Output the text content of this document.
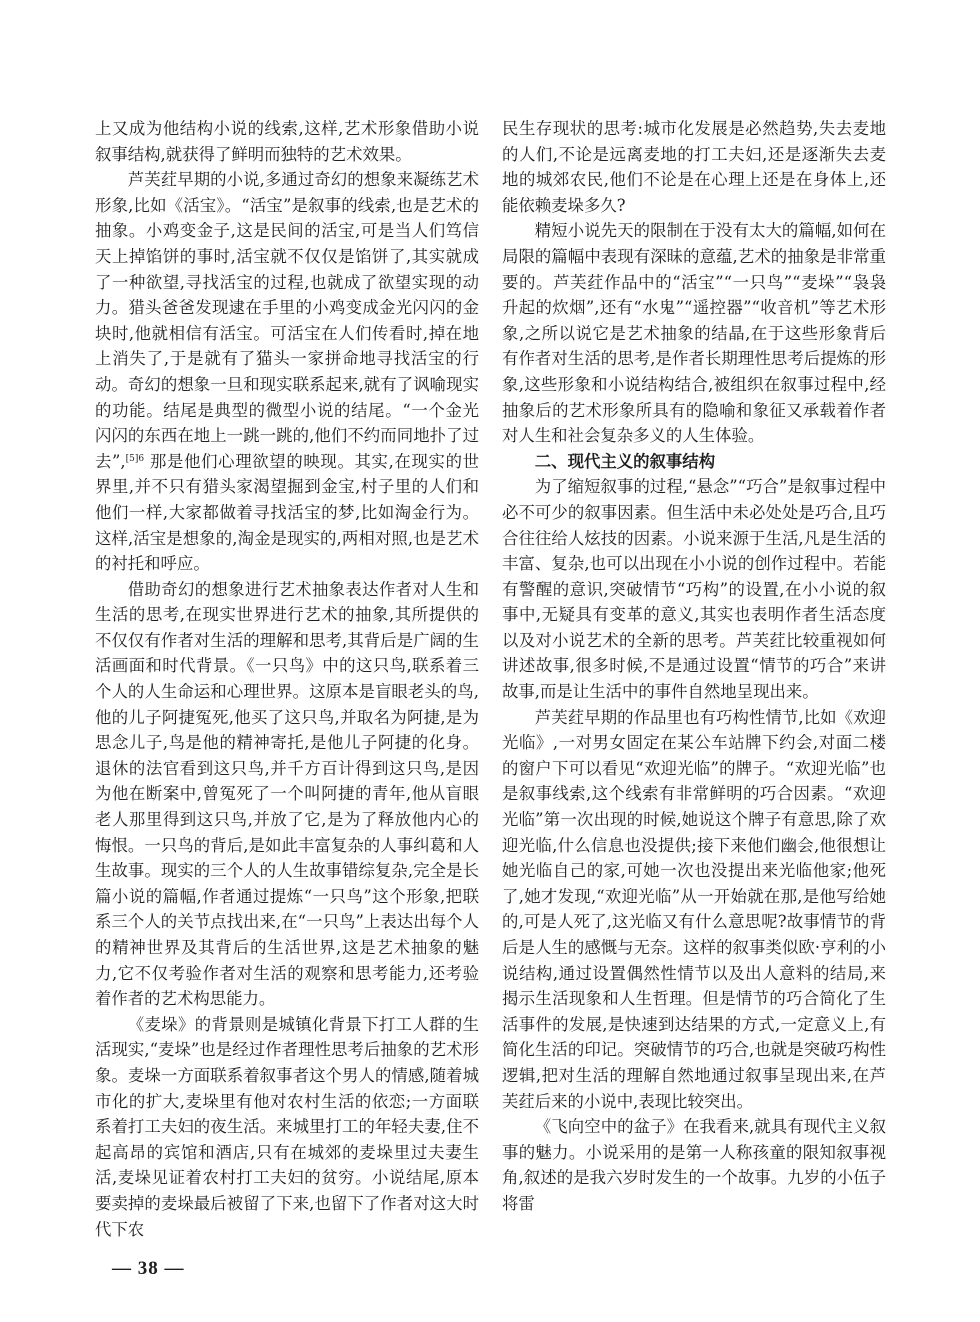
上又成为他结构小说的线索,这样,艺术形象借助小说叙事结构,就获得了鲜明而独特的艺术效果。

芦芙荭早期的小说,多通过奇幻的想象来凝练艺术形象,比如《活宝》。“活宝”是叙事的线索,也是艺术的抽象。小鸡变金子,这是民间的活宝,可是当人们笃信天上掉馅饼的事时,活宝就不仅仅是馅饼了,其实就成了一种欲望,寻找活宝的过程,也就成了欲望实现的动力。猎头爸爸发现逮在手里的小鸡变成金光闪闪的金块时,他就相信有活宝。可活宝在人们传看时,掉在地上消失了,于是就有了猫头一家拼命地寻找活宝的行动。奇幻的想象一旦和现实联系起来,就有了讽喻现实的功能。结尾是典型的微型小说的结尾。“一个金光闪闪的东西在地上一跳一跳的,他们不约而同地扑了过去”,$^{[5]6}$ 那是他们心理欲望的映现。其实,在现实的世界里,并不只有猎头家渴望掘到金宝,村子里的人们和他们一样,大家都做着寻找活宝的梦,比如淘金行为。这样,活宝是想象的,淘金是现实的,两相对照,也是艺术的衬托和呼应。

借助奇幻的想象进行艺术抽象表达作者对人生和生活的思考,在现实世界进行艺术的抽象,其所提供的不仅仅有作者对生活的理解和思考,其背后是广阔的生活画面和时代背景。《一只鸟》中的这只鸟,联系着三个人的人生命运和心理世界。这原本是盲眼老头的鸟,他的儿子阿捷冤死,他买了这只鸟,并取名为阿捷,是为思念儿子,鸟是他的精神寄托,是他儿子阿捷的化身。退休的法官看到这只鸟,并千方百计得到这只鸟,是因为他在断案中,曾冤死了一个叫阿捷的青年,他从盲眼老人那里得到这只鸟,并放了它,是为了释放他内心的悔恨。一只鸟的背后,是如此丰富复杂的人事纠葛和人生故事。现实的三个人的人生故事错综复杂,完全是长篇小说的篇幅,作者通过提炼“一只鸟”这个形象,把联系三个人的关节点找出来,在“一只鸟”上表达出每个人的精神世界及其背后的生活世界,这是艺术抽象的魅力,它不仅考验作者对生活的观察和思考能力,还考验着作者的艺术构思能力。

《麦垛》的背景则是城镇化背景下打工人群的生活现实,“麦垛”也是经过作者理性思考后抽象的艺术形象。麦垛一方面联系着叙事者这个男人的情感,随着城市化的扩大,麦垛里有他对农村生活的依恋;一方面联系着打工夫妇的夜生活。来城里打工的年轻夫妻,住不起高昂的宾馆和酒店,只有在城郊的麦垛里过夫妻生活,麦垛见证着农村打工夫妇的贫穷。小说结尾,原本要卖掉的麦垛最后被留了下来,也留下了作者对这大时代下农

民生存现状的思考:城市化发展是必然趋势,失去麦地的人们,不论是远离麦地的打工夫妇,还是逐渐失去麦地的城郊农民,他们不论是在心理上还是在身体上,还能依赖麦垛多久?

精短小说先天的限制在于没有太大的篇幅,如何在局限的篇幅中表现有深昧的意蕴,艺术的抽象是非常重要的。芦芙荭作品中的“活宝”“一只鸟”“麦垛”“袅袅升起的炊烟”,还有“水鬼”“遥控器”“收音机”等艺术形象,之所以说它是艺术抽象的结晶,在于这些形象背后有作者对生活的思考,是作者长期理性思考后提炼的形象,这些形象和小说结构结合,被组织在叙事过程中,经抽象后的艺术形象所具有的隐喻和象征又承载着作者对人生和社会复杂多义的人生体验。

二、现代主义的叙事结构

为了缩短叙事的过程,“悬念”“巧合”是叙事过程中必不可少的叙事因素。但生活中未必处处是巧合,且巧合往往给人炫技的因素。小说来源于生活,凡是生活的丰富、复杂,也可以出现在小小说的创作过程中。若能有警醒的意识,突破情节“巧构”的设置,在小小说的叙事中,无疑具有变革的意义,其实也表明作者生活态度以及对小说艺术的全新的思考。芦芙荭比较重视如何讲述故事,很多时候,不是通过设置“情节的巧合”来讲故事,而是让生活中的事件自然地呈现出来。

芦芙荭早期的作品里也有巧构性情节,比如《欢迎光临》,一对男女固定在某公车站牌下约会,对面二楼的窗户下可以看见“欢迎光临”的牌子。“欢迎光临”也是叙事线索,这个线索有非常鲜明的巧合因素。“欢迎光临”第一次出现的时候,她说这个牌子有意思,除了欢迎光临,什么信息也没提供;接下来他们幽会,他很想让她光临自己的家,可她一次也没提出来光临他家;他死了,她才发现,“欢迎光临”从一开始就在那,是他写给她的,可是人死了,这光临又有什么意思呢?故事情节的背后是人生的感慨与无奈。这样的叙事类似欧·亨利的小说结构,通过设置偶然性情节以及出人意料的结局,来揭示生活现象和人生哲理。但是情节的巧合简化了生活事件的发展,是快速到达结果的方式,一定意义上,有简化生活的印记。突破情节的巧合,也就是突破巧构性逻辑,把对生活的理解自然地通过叙事呈现出来,在芦芙荭后来的小说中,表现比较突出。

《飞向空中的盆子》在我看来,就具有现代主义叙事的魅力。小说采用的是第一人称孩童的限知叙事视角,叙述的是我六岁时发生的一个故事。九岁的小伍子将雷

— 38 —
